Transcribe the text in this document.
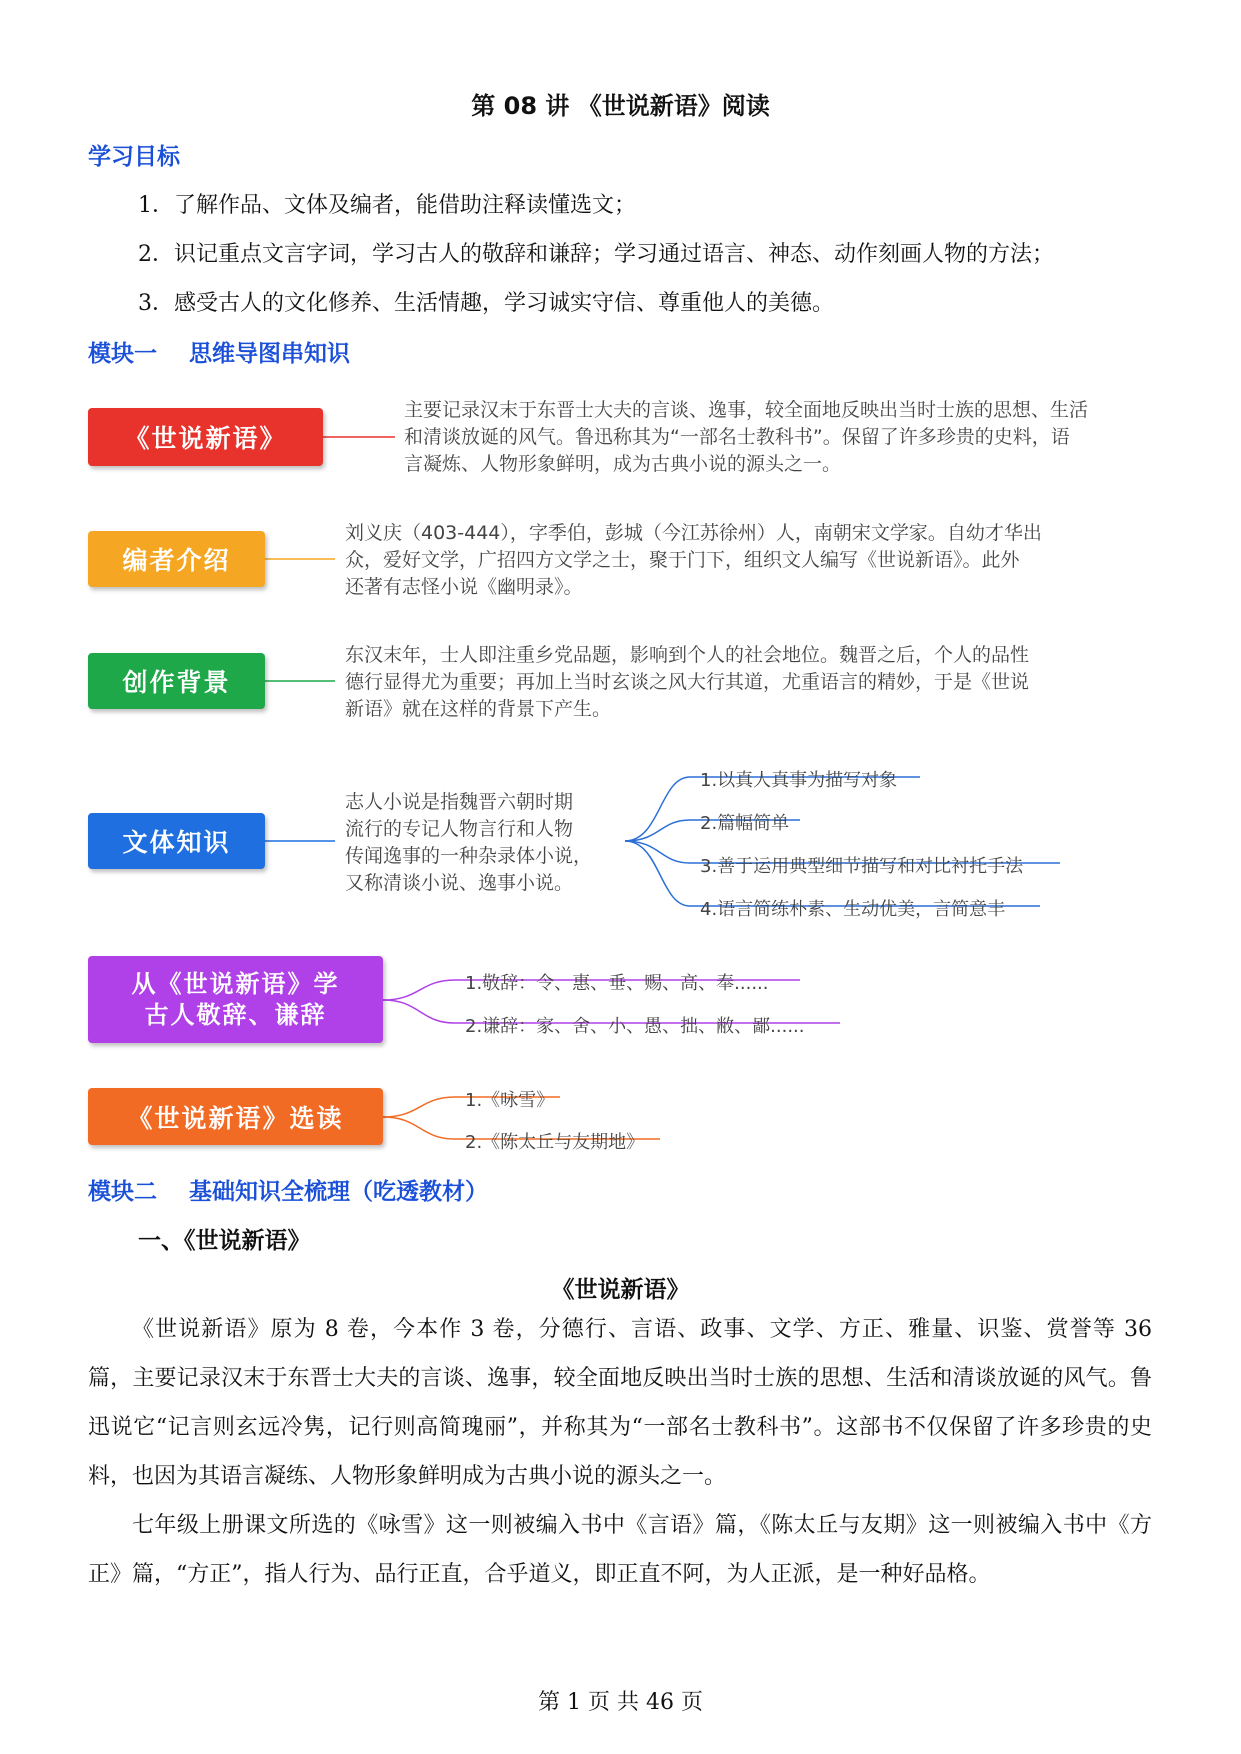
第 08 讲 《世说新语》阅读
学习目标
1．了解作品、文体及编者，能借助注释读懂选文；
2．识记重点文言字词，学习古人的敬辞和谦辞；学习通过语言、神态、动作刻画人物的方法；
3．感受古人的文化修养、生活情趣，学习诚实守信、尊重他人的美德。
模块一    思维导图串知识
《世说新语》
主要记录汉末于东晋士大夫的言谈、逸事，较全面地反映出当时士族的思想、生活
和清谈放诞的风气。鲁迅称其为“一部名士教科书”。保留了许多珍贵的史料，语
言凝炼、人物形象鲜明，成为古典小说的源头之一。
编者介绍
刘义庆（403-444），字季伯，彭城（今江苏徐州）人，南朝宋文学家。自幼才华出
众，爱好文学，广招四方文学之士，聚于门下，组织文人编写《世说新语》。此外
还著有志怪小说《幽明录》。
创作背景
东汉末年，士人即注重乡党品题，影响到个人的社会地位。魏晋之后，个人的品性
德行显得尤为重要；再加上当时玄谈之风大行其道，尤重语言的精妙，于是《世说
新语》就在这样的背景下产生。
文体知识
志人小说是指魏晋六朝时期
流行的专记人物言行和人物
传闻逸事的一种杂录体小说，
又称清谈小说、逸事小说。
1.以真人真事为描写对象
2.篇幅简单
3.善于运用典型细节描写和对比衬托手法
4.语言简练朴素、生动优美，言简意丰
从《世说新语》学
古人敬辞、谦辞
1.敬辞：令、惠、垂、赐、高、奉......
2.谦辞：家、舍、小、愚、拙、敝、鄙......
《世说新语》选读
1.《咏雪》
2.《陈太丘与友期地》
模块二    基础知识全梳理（吃透教材）
一、《世说新语》
《世说新语》
《世说新语》原为 8 卷，今本作 3 卷，分德行、言语、政事、文学、方正、雅量、识鉴、赏誉等 36 篇，主要记录汉末于东晋士大夫的言谈、逸事，较全面地反映出当时士族的思想、生活和清谈放诞的风气。鲁迅说它“记言则玄远冷隽，记行则高简瑰丽”，并称其为“一部名士教科书”。这部书不仅保留了许多珍贵的史料，也因为其语言凝练、人物形象鲜明成为古典小说的源头之一。
七年级上册课文所选的《咏雪》这一则被编入书中《言语》篇，《陈太丘与友期》这一则被编入书中《方正》篇，“方正”，指人行为、品行正直，合乎道义，即正直不阿，为人正派，是一种好品格。
第 1 页 共 46 页
